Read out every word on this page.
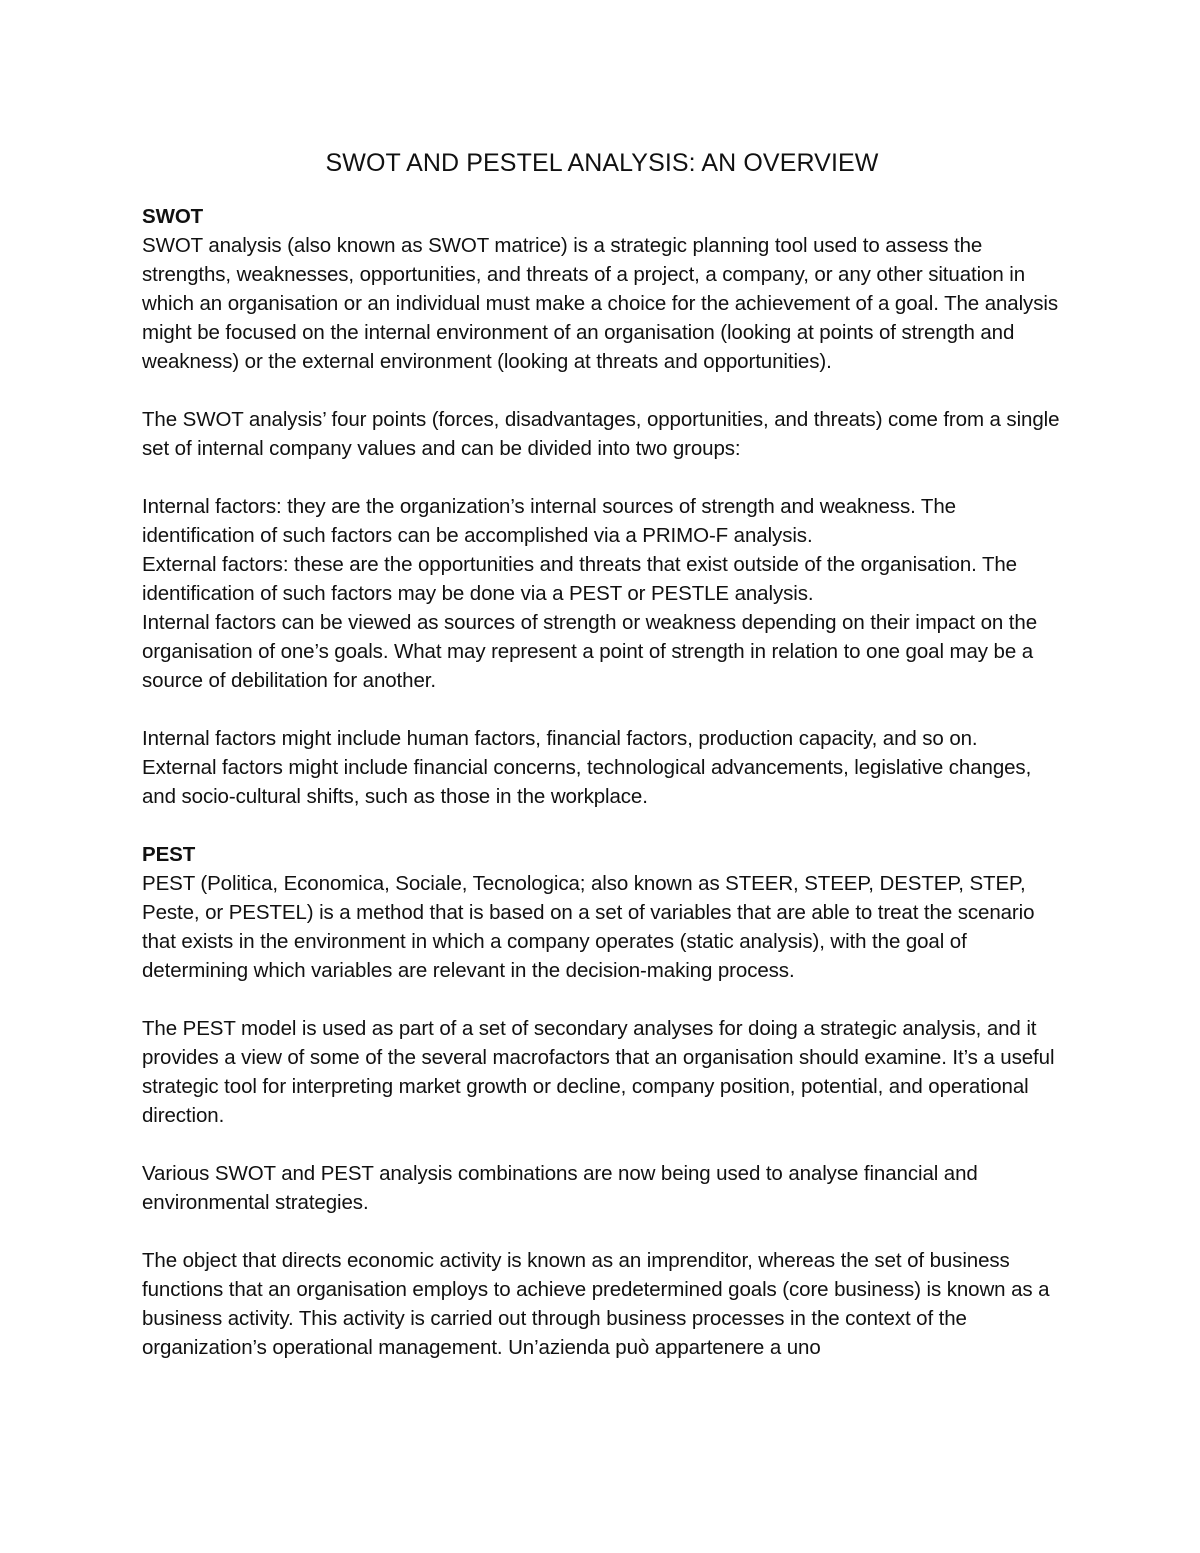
SWOT AND PESTEL ANALYSIS: AN OVERVIEW
SWOT

SWOT analysis (also known as SWOT matrice) is a strategic planning tool used to assess the strengths, weaknesses, opportunities, and threats of a project, a company, or any other situation in which an organisation or an individual must make a choice for the achievement of a goal. The analysis might be focused on the internal environment of an organisation (looking at points of strength and weakness) or the external environment (looking at threats and opportunities).

The SWOT analysis’ four points (forces, disadvantages, opportunities, and threats) come from a single set of internal company values and can be divided into two groups:

Internal factors: they are the organization’s internal sources of strength and weakness. The identification of such factors can be accomplished via a PRIMO-F analysis.

External factors: these are the opportunities and threats that exist outside of the organisation. The identification of such factors may be done via a PEST or PESTLE analysis.

Internal factors can be viewed as sources of strength or weakness depending on their impact on the organisation of one’s goals. What may represent a point of strength in relation to one goal may be a source of debilitation for another.

Internal factors might include human factors, financial factors, production capacity, and so on.

External factors might include financial concerns, technological advancements, legislative changes, and socio-cultural shifts, such as those in the workplace.

PEST

PEST (Politica, Economica, Sociale, Tecnologica; also known as STEER, STEEP, DESTEP, STEP, Peste, or PESTEL) is a method that is based on a set of variables that are able to treat the scenario that exists in the environment in which a company operates (static analysis), with the goal of determining which variables are relevant in the decision-making process.

The PEST model is used as part of a set of secondary analyses for doing a strategic analysis, and it provides a view of some of the several macrofactors that an organisation should examine. It’s a useful strategic tool for interpreting market growth or decline, company position, potential, and operational direction.

Various SWOT and PEST analysis combinations are now being used to analyse financial and environmental strategies.

The object that directs economic activity is known as an imprenditor, whereas the set of business functions that an organisation employs to achieve predetermined goals (core business) is known as a business activity. This activity is carried out through business processes in the context of the organization’s operational management. Un’azienda può appartenere a uno
